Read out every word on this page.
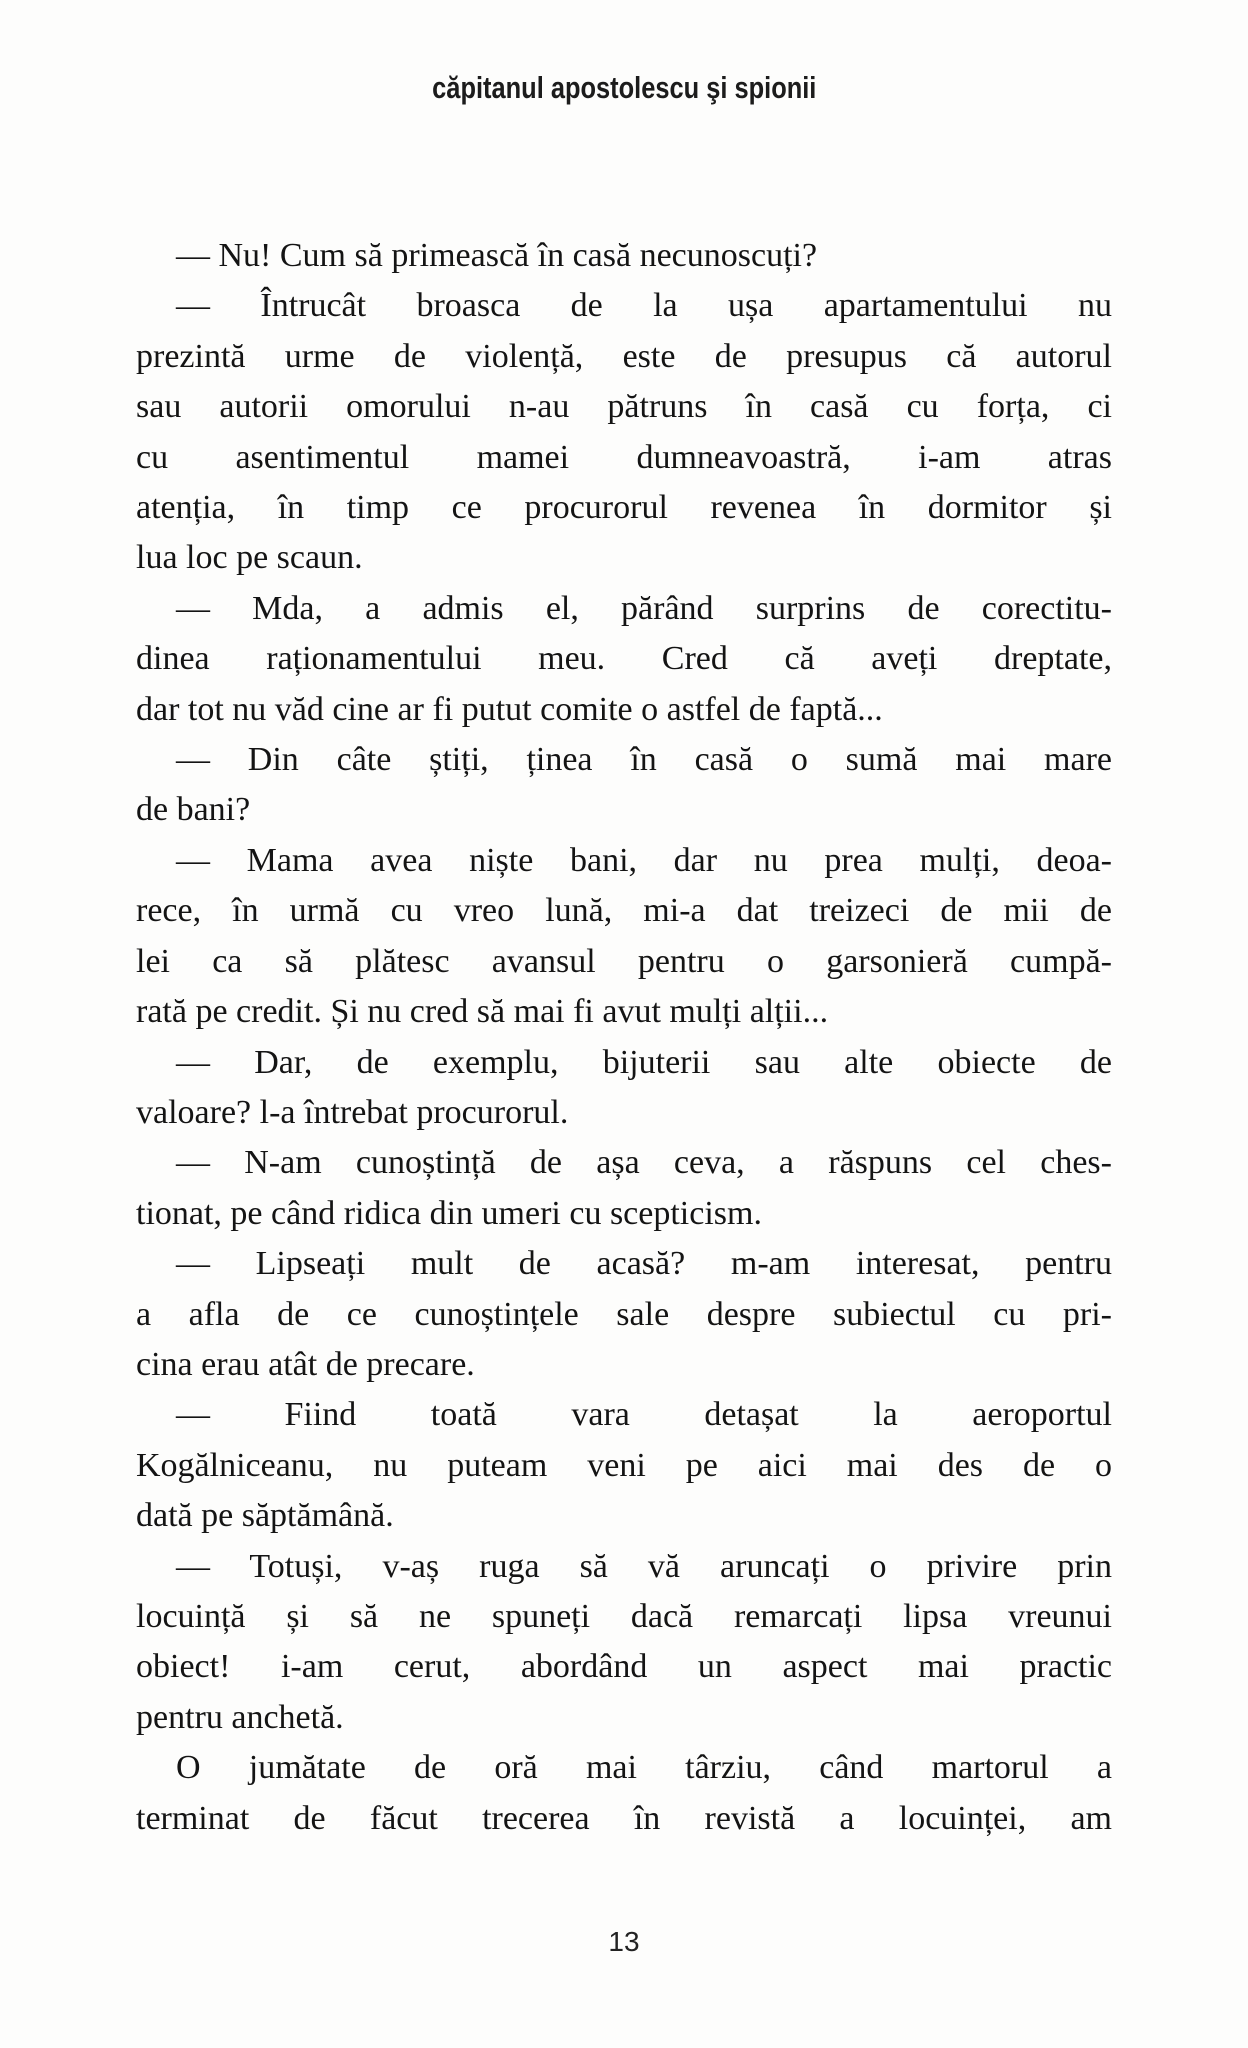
căpitanul apostolescu şi spionii
— Nu! Cum să primească în casă necunoscuți?
— Întrucât broasca de la ușa apartamentului nu
prezintă urme de violență, este de presupus că autorul
sau autorii omorului n-au pătruns în casă cu forța, ci
cu asentimentul mamei dumneavoastră, i-am atras
atenția, în timp ce procurorul revenea în dormitor și
lua loc pe scaun.
— Mda, a admis el, părând surprins de corectitu-
dinea raționamentului meu. Cred că aveți dreptate,
dar tot nu văd cine ar fi putut comite o astfel de faptă...
— Din câte știți, ținea în casă o sumă mai mare
de bani?
— Mama avea niște bani, dar nu prea mulți, deoa-
rece, în urmă cu vreo lună, mi-a dat treizeci de mii de
lei ca să plătesc avansul pentru o garsonieră cumpă-
rată pe credit. Și nu cred să mai fi avut mulți alții...
— Dar, de exemplu, bijuterii sau alte obiecte de
valoare? l-a întrebat procurorul.
— N-am cunoștință de așa ceva, a răspuns cel ches-
tionat, pe când ridica din umeri cu scepticism.
— Lipseați mult de acasă? m-am interesat, pentru
a afla de ce cunoștințele sale despre subiectul cu pri-
cina erau atât de precare.
— Fiind toată vara detașat la aeroportul
Kogălniceanu, nu puteam veni pe aici mai des de o
dată pe săptămână.
— Totuși, v-aș ruga să vă aruncați o privire prin
locuință și să ne spuneți dacă remarcați lipsa vreunui
obiect! i-am cerut, abordând un aspect mai practic
pentru anchetă.
O jumătate de oră mai târziu, când martorul a
terminat de făcut trecerea în revistă a locuinței, am
13
